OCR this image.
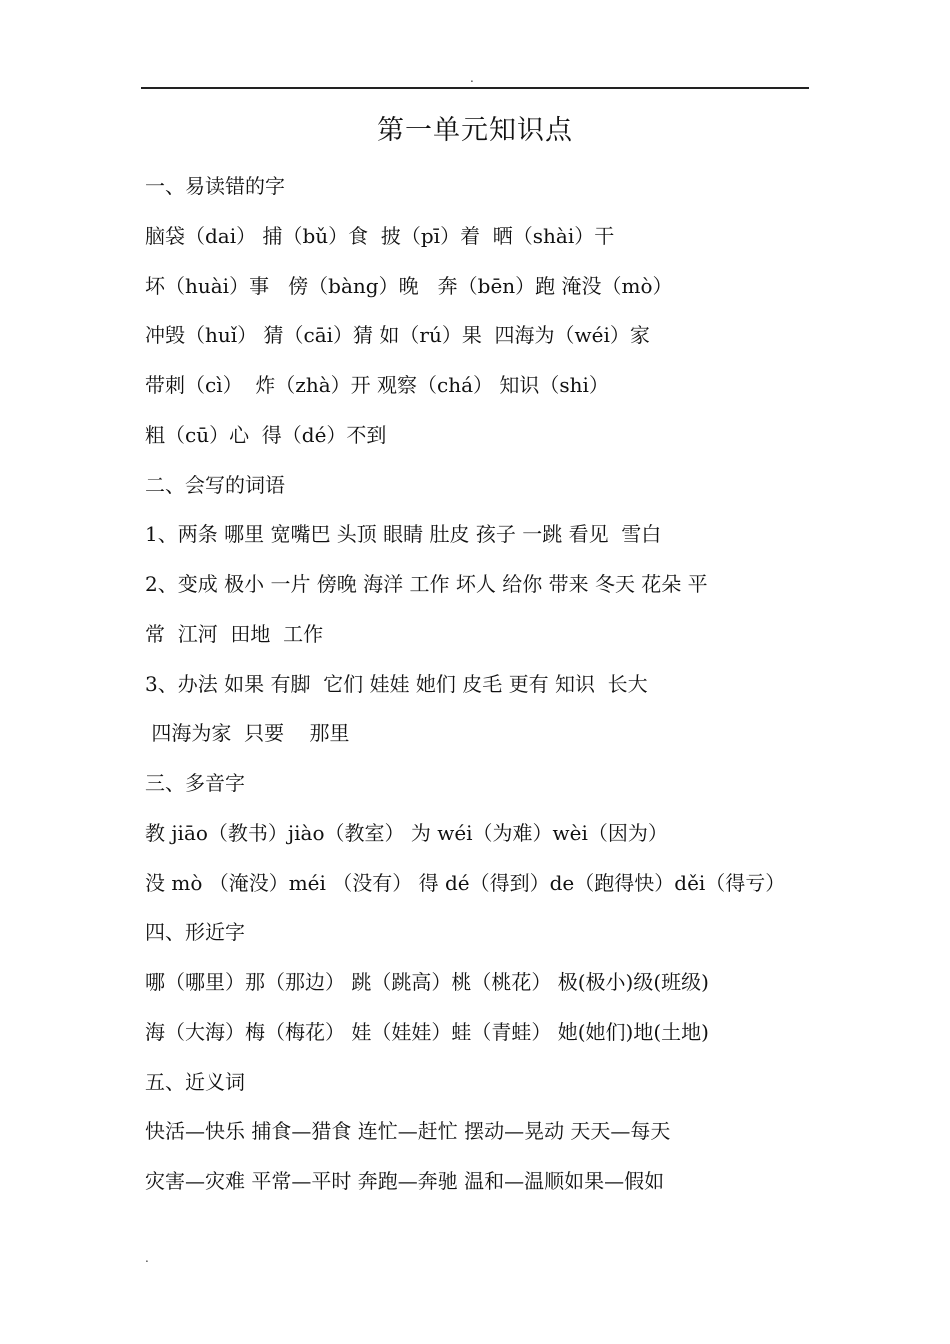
.
第一单元知识点
一、易读错的字
脑袋（dai） 捕（bǔ）食  披（pī）着  晒（shài）干
坏（huài）事   傍（bàng）晚   奔（bēn）跑 淹没（mò）
冲毁（huǐ） 猜（cāi）猜 如（rú）果  四海为（wéi）家
带刺（cì）  炸（zhà）开 观察（chá） 知识（shi）
粗（cū）心  得（dé）不到
二、会写的词语
1、两条 哪里 宽嘴巴 头顶 眼睛 肚皮 孩子 一跳 看见  雪白
2、变成 极小 一片 傍晚 海洋 工作 坏人 给你 带来 冬天 花朵 平
常  江河  田地  工作
3、办法 如果 有脚  它们 娃娃 她们 皮毛 更有 知识  长大
四海为家  只要    那里
三、多音字
教 jiāo（教书）jiào（教室） 为 wéi（为难）wèi（因为）
没 mò （淹没）méi （没有） 得 dé（得到）de（跑得快）děi（得亏）
四、形近字
哪（哪里）那（那边） 跳（跳高）桃（桃花） 极(极小)级(班级)
海（大海）梅（梅花） 娃（娃娃）蛙（青蛙） 她(她们)地(土地)
五、近义词
快活—快乐 捕食—猎食 连忙—赶忙 摆动—晃动 天天—每天
灾害—灾难 平常—平时 奔跑—奔驰 温和—温顺如果—假如
.
